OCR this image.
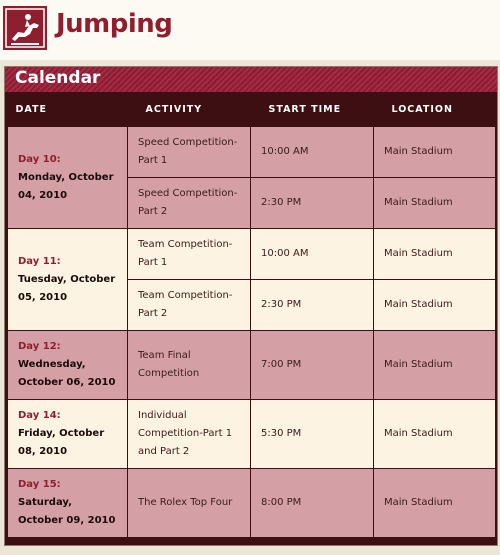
Jumping
Calendar
DATE	ACTIVITY	START TIME	LOCATION

Day 10:
Monday, October 04, 2010	Speed Competition- Part 1	10:00 AM	Main Stadium
	Speed Competition- Part 2	2:30 PM	Main Stadium

Day 11:
Tuesday, October 05, 2010	Team Competition- Part 1	10:00 AM	Main Stadium
	Team Competition- Part 2	2:30 PM	Main Stadium

Day 12:
Wednesday, October 06, 2010	Team Final Competition	7:00 PM	Main Stadium

Day 14:
Friday, October 08, 2010	Individual Competition-Part 1 and Part 2	5:30 PM	Main Stadium

Day 15:
Saturday, October 09, 2010	The Rolex Top Four	8:00 PM	Main Stadium
